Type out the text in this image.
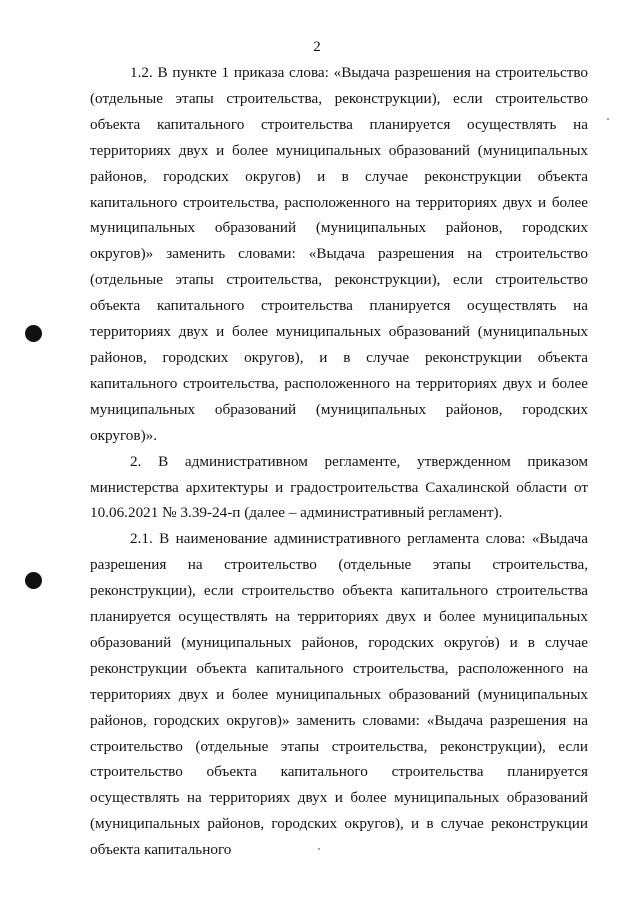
2

1.2. В пункте 1 приказа слова: «Выдача разрешения на строительство (отдельные этапы строительства, реконструкции), если строительство объекта капитального строительства планируется осуществлять на территориях двух и более муниципальных образований (муниципальных районов, городских округов) и в случае реконструкции объекта капитального строительства, расположенного на территориях двух и более муниципальных образований (муниципальных районов, городских округов)» заменить словами: «Выдача разрешения на строительство (отдельные этапы строительства, реконструкции), если строительство объекта капитального строительства планируется осуществлять на территориях двух и более муниципальных образований (муниципальных районов, городских округов), и в случае реконструкции объекта капитального строительства, расположенного на территориях двух и более муниципальных образований (муниципальных районов, городских округов)».

2. В административном регламенте, утвержденном приказом министерства архитектуры и градостроительства Сахалинской области от 10.06.2021 № 3.39-24-п (далее – административный регламент).

2.1. В наименование административного регламента слова: «Выдача разрешения на строительство (отдельные этапы строительства, реконструкции), если строительство объекта капитального строительства планируется осуществлять на территориях двух и более муниципальных образований (муниципальных районов, городских округов) и в случае реконструкции объекта капитального строительства, расположенного на территориях двух и более муниципальных образований (муниципальных районов, городских округов)» заменить словами: «Выдача разрешения на строительство (отдельные этапы строительства, реконструкции), если строительство объекта капитального строительства планируется осуществлять на территориях двух и более муниципальных образований (муниципальных районов, городских округов), и в случае реконструкции объекта капитального
